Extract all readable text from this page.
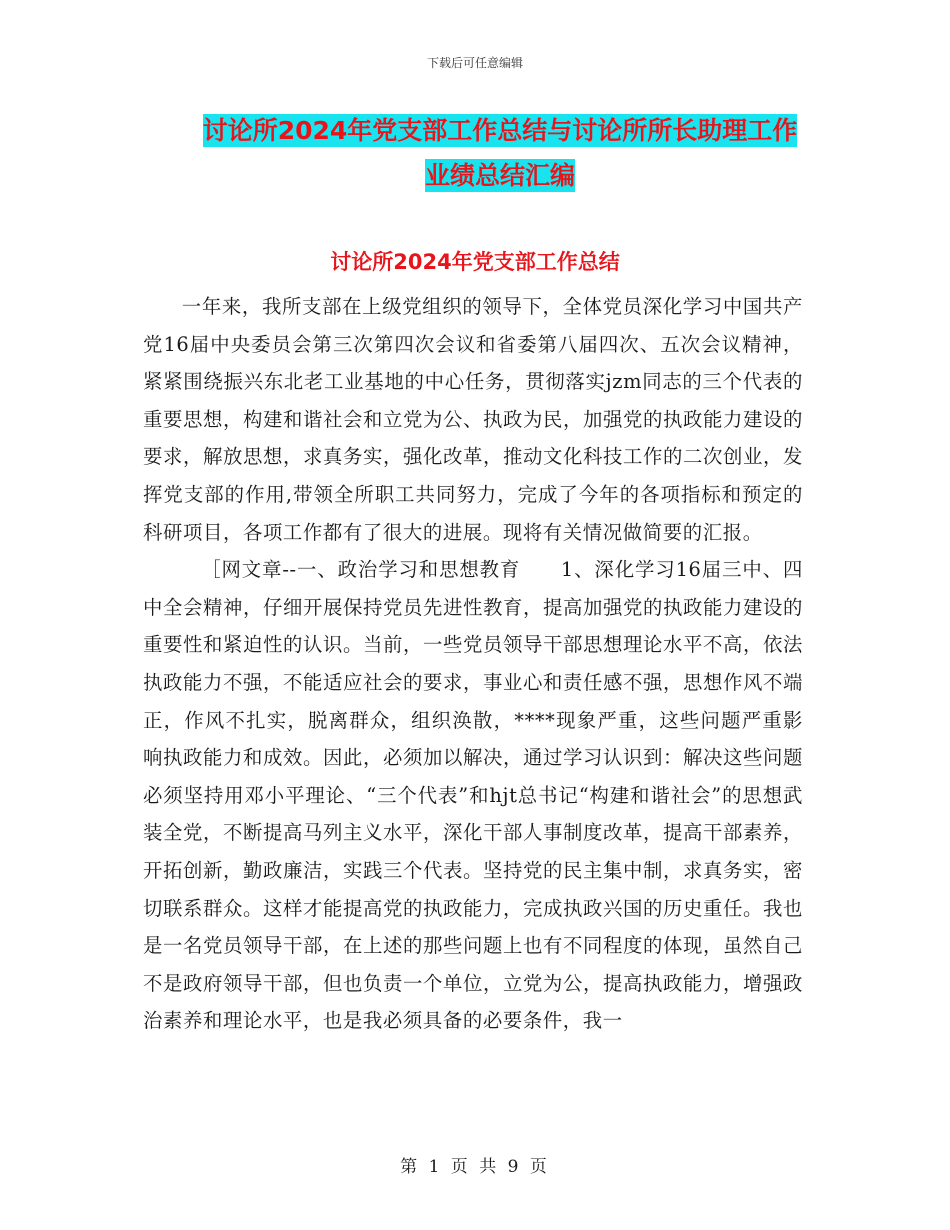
下载后可任意编辑
讨论所2024年党支部工作总结与讨论所所长助理工作
业绩总结汇编
讨论所2024年党支部工作总结

一年来，我所支部在上级党组织的领导下，全体党员深化学习中国共产党16届中央委员会第三次第四次会议和省委第八届四次、五次会议精神，紧紧围绕振兴东北老工业基地的中心任务，贯彻落实jzm同志的三个代表的重要思想，构建和谐社会和立党为公、执政为民，加强党的执政能力建设的要求，解放思想，求真务实，强化改革，推动文化科技工作的二次创业，发挥党支部的作用,带领全所职工共同努力，完成了今年的各项指标和预定的科研项目，各项工作都有了很大的进展。现将有关情况做简要的汇报。

［网文章--一、政治学习和思想教育　　1、深化学习16届三中、四中全会精神，仔细开展保持党员先进性教育，提高加强党的执政能力建设的重要性和紧迫性的认识。当前，一些党员领导干部思想理论水平不高，依法执政能力不强，不能适应社会的要求，事业心和责任感不强，思想作风不端正，作风不扎实，脱离群众，组织涣散，****现象严重，这些问题严重影响执政能力和成效。因此，必须加以解决，通过学习认识到：解决这些问题必须坚持用邓小平理论、“三个代表”和hjt总书记“构建和谐社会”的思想武装全党，不断提高马列主义水平，深化干部人事制度改革，提高干部素养，开拓创新，勤政廉洁，实践三个代表。坚持党的民主集中制，求真务实，密切联系群众。这样才能提高党的执政能力，完成执政兴国的历史重任。我也是一名党员领导干部，在上述的那些问题上也有不同程度的体现，虽然自己不是政府领导干部，但也负责一个单位，立党为公，提高执政能力，增强政治素养和理论水平，也是我必须具备的必要条件，我一

第 1 页 共 9 页
